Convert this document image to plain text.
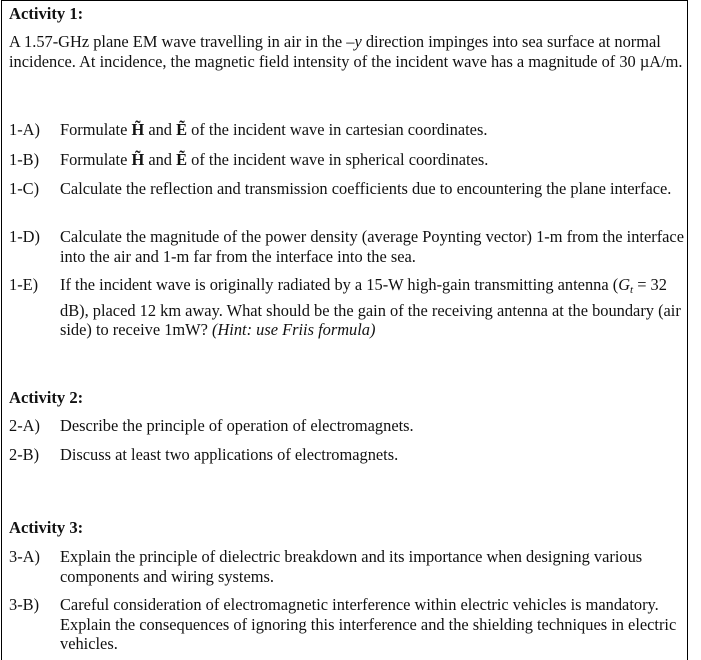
Activity 1:

A 1.57-GHz plane EM wave travelling in air in the –y direction impinges into sea surface at normal incidence. At incidence, the magnetic field intensity of the incident wave has a magnitude of 30 µA/m.

1-A)	Formulate H̃ and Ẽ of the incident wave in cartesian coordinates.
1-B)	Formulate H̃ and Ẽ of the incident wave in spherical coordinates.
1-C)	Calculate the reflection and transmission coefficients due to encountering the plane interface.
1-D)	Calculate the magnitude of the power density (average Poynting vector) 1-m from the interface into the air and 1-m far from the interface into the sea.
1-E)	If the incident wave is originally radiated by a 15-W high-gain transmitting antenna ($G_t = 32$ dB), placed 12 km away. What should be the gain of the receiving antenna at the boundary (air side) to receive 1mW? (Hint: use Friis formula)
Activity 2:
2-A)	Describe the principle of operation of electromagnets.
2-B)	Discuss at least two applications of electromagnets.
Activity 3:
3-A)	Explain the principle of dielectric breakdown and its importance when designing various components and wiring systems.
3-B)	Careful consideration of electromagnetic interference within electric vehicles is mandatory. Explain the consequences of ignoring this interference and the shielding techniques in electric vehicles.
